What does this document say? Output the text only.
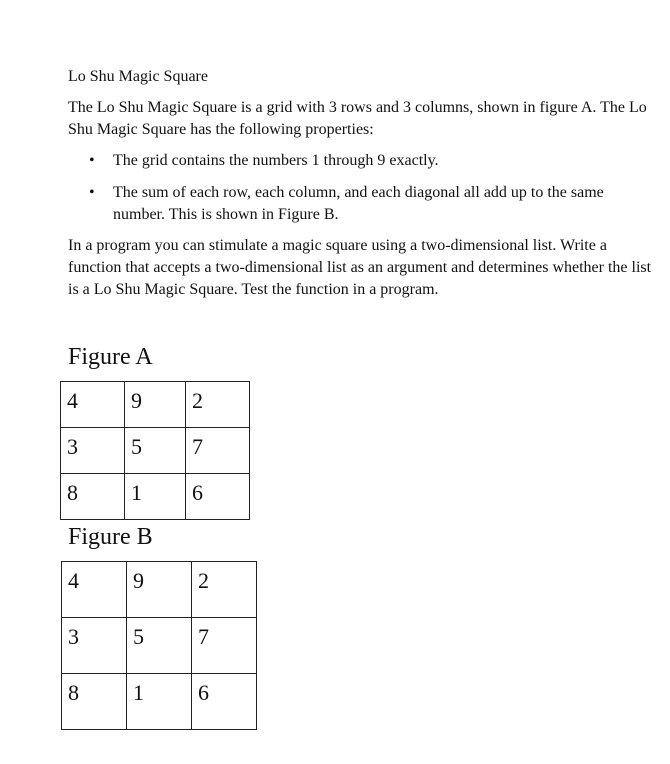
Lo Shu Magic Square

The Lo Shu Magic Square is a grid with 3 rows and 3 columns, shown in figure A. The Lo Shu Magic Square has the following properties:

• The grid contains the numbers 1 through 9 exactly.
• The sum of each row, each column, and each diagonal all add up to the same number. This is shown in Figure B.

In a program you can stimulate a magic square using a two-dimensional list. Write a function that accepts a two-dimensional list as an argument and determines whether the list is a Lo Shu Magic Square. Test the function in a program.

Figure A

4	9	2

3	5	7

8	1	6

Figure B

4	9	2

3	5	7

8	1	6
